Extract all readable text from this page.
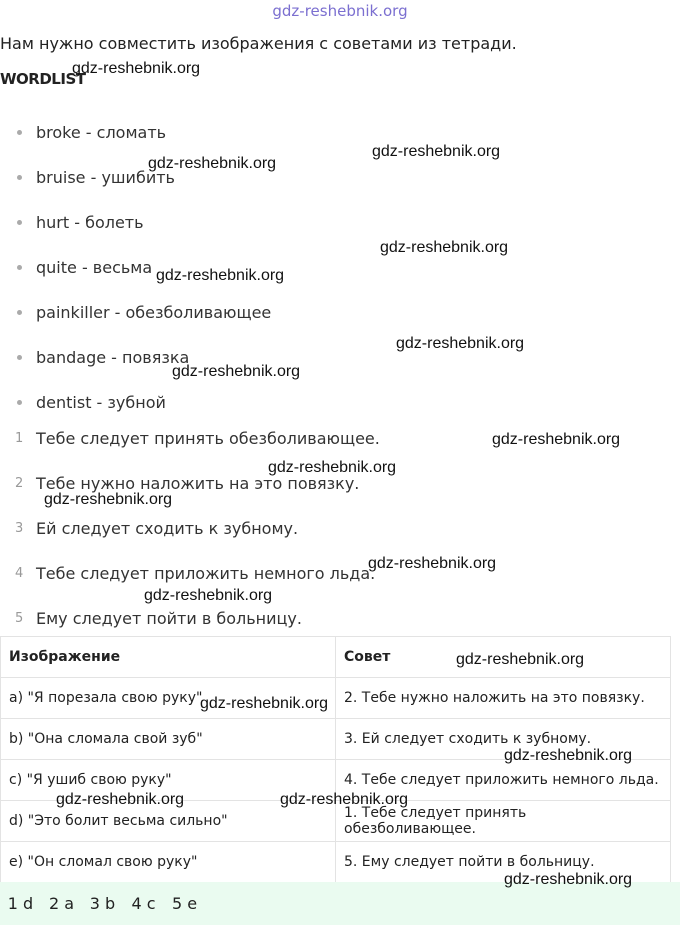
gdz-reshebnik.org
Нам нужно совместить изображения с советами из тетради.
WORDLIST
broke - сломать
bruise - ушибить
hurt - болеть
quite - весьма
painkiller - обезболивающее
bandage - повязка
dentist - зубной
1 Тебе следует принять обезболивающее.
2 Тебе нужно наложить на это повязку.
3 Ей следует сходить к зубному.
4 Тебе следует приложить немного льда.
5 Ему следует пойти в больницу.
Изображение	Совет
a) "Я порезала свою руку"	2. Тебе нужно наложить на это повязку.
b) "Она сломала свой зуб"	3. Ей следует сходить к зубному.
c) "Я ушиб свою руку"	4. Тебе следует приложить немного льда.
d) "Это болит весьма сильно"	1. Тебе следует принять обезболивающее.
e) "Он сломал свою руку"	5. Ему следует пойти в больницу.
1 d 2 a 3 b	4 c	5 e
gdz-reshebnik.org
gdz-reshebnik.org
gdz-reshebnik.org
gdz-reshebnik.org
gdz-reshebnik.org
gdz-reshebnik.org
gdz-reshebnik.org
gdz-reshebnik.org
gdz-reshebnik.org
gdz-reshebnik.org
gdz-reshebnik.org
gdz-reshebnik.org
gdz-reshebnik.org
gdz-reshebnik.org
gdz-reshebnik.org
gdz-reshebnik.org	gdz-reshebnik.org
gdz-reshebnik.org
